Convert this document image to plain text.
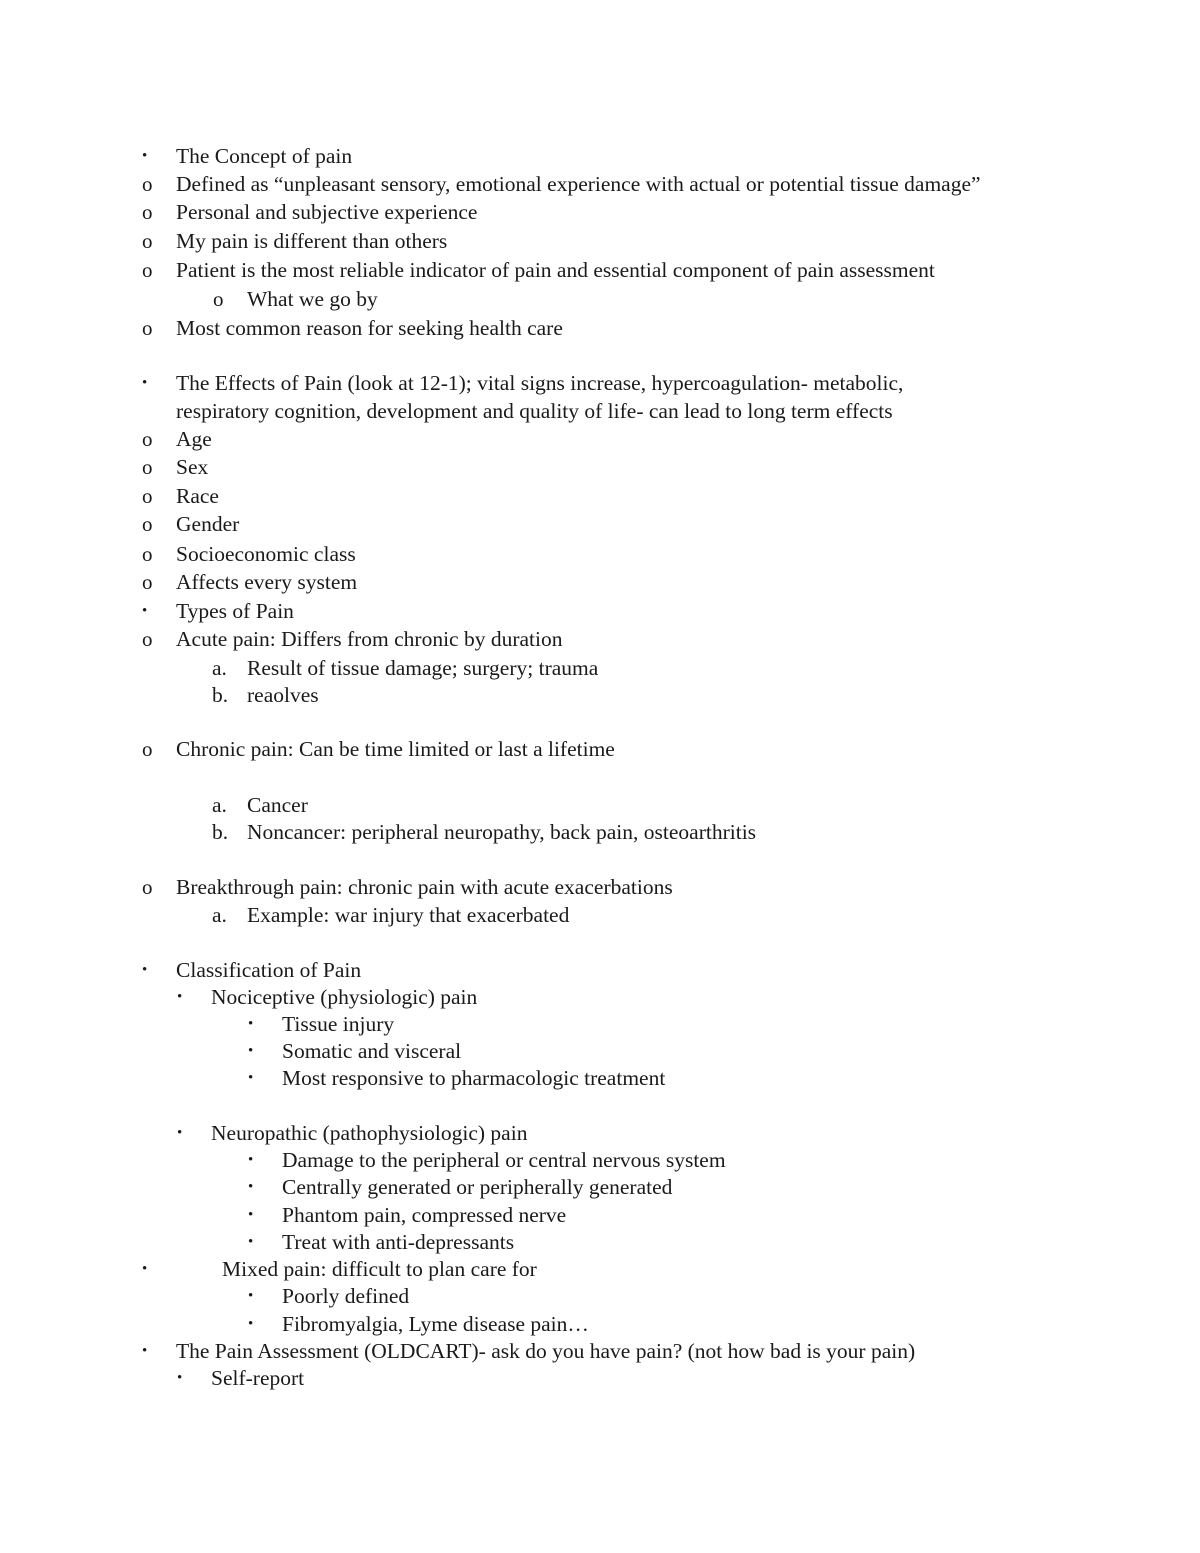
• The Concept of pain
o Defined as “unpleasant sensory, emotional experience with actual or potential tissue damage”
o Personal and subjective experience
o My pain is different than others
o Patient is the most reliable indicator of pain and essential component of pain assessment
o What we go by
o Most common reason for seeking health care
• The Effects of Pain (look at 12-1); vital signs increase, hypercoagulation- metabolic,
respiratory cognition, development and quality of life- can lead to long term effects
o Age
o Sex
o Race
o Gender
o Socioeconomic class
o Affects every system
• Types of Pain
o Acute pain: Differs from chronic by duration
a. Result of tissue damage; surgery; trauma
b. reaolves
o Chronic pain: Can be time limited or last a lifetime
a. Cancer
b. Noncancer: peripheral neuropathy, back pain, osteoarthritis
o Breakthrough pain: chronic pain with acute exacerbations
a. Example: war injury that exacerbated
• Classification of Pain
• Nociceptive (physiologic) pain
• Tissue injury
• Somatic and visceral
• Most responsive to pharmacologic treatment
• Neuropathic (pathophysiologic) pain
• Damage to the peripheral or central nervous system
• Centrally generated or peripherally generated
• Phantom pain, compressed nerve
• Treat with anti-depressants
•	Mixed pain: difficult to plan care for
• Poorly defined
• Fibromyalgia, Lyme disease pain…
• The Pain Assessment (OLDCART)- ask do you have pain? (not how bad is your pain)
• Self-report
